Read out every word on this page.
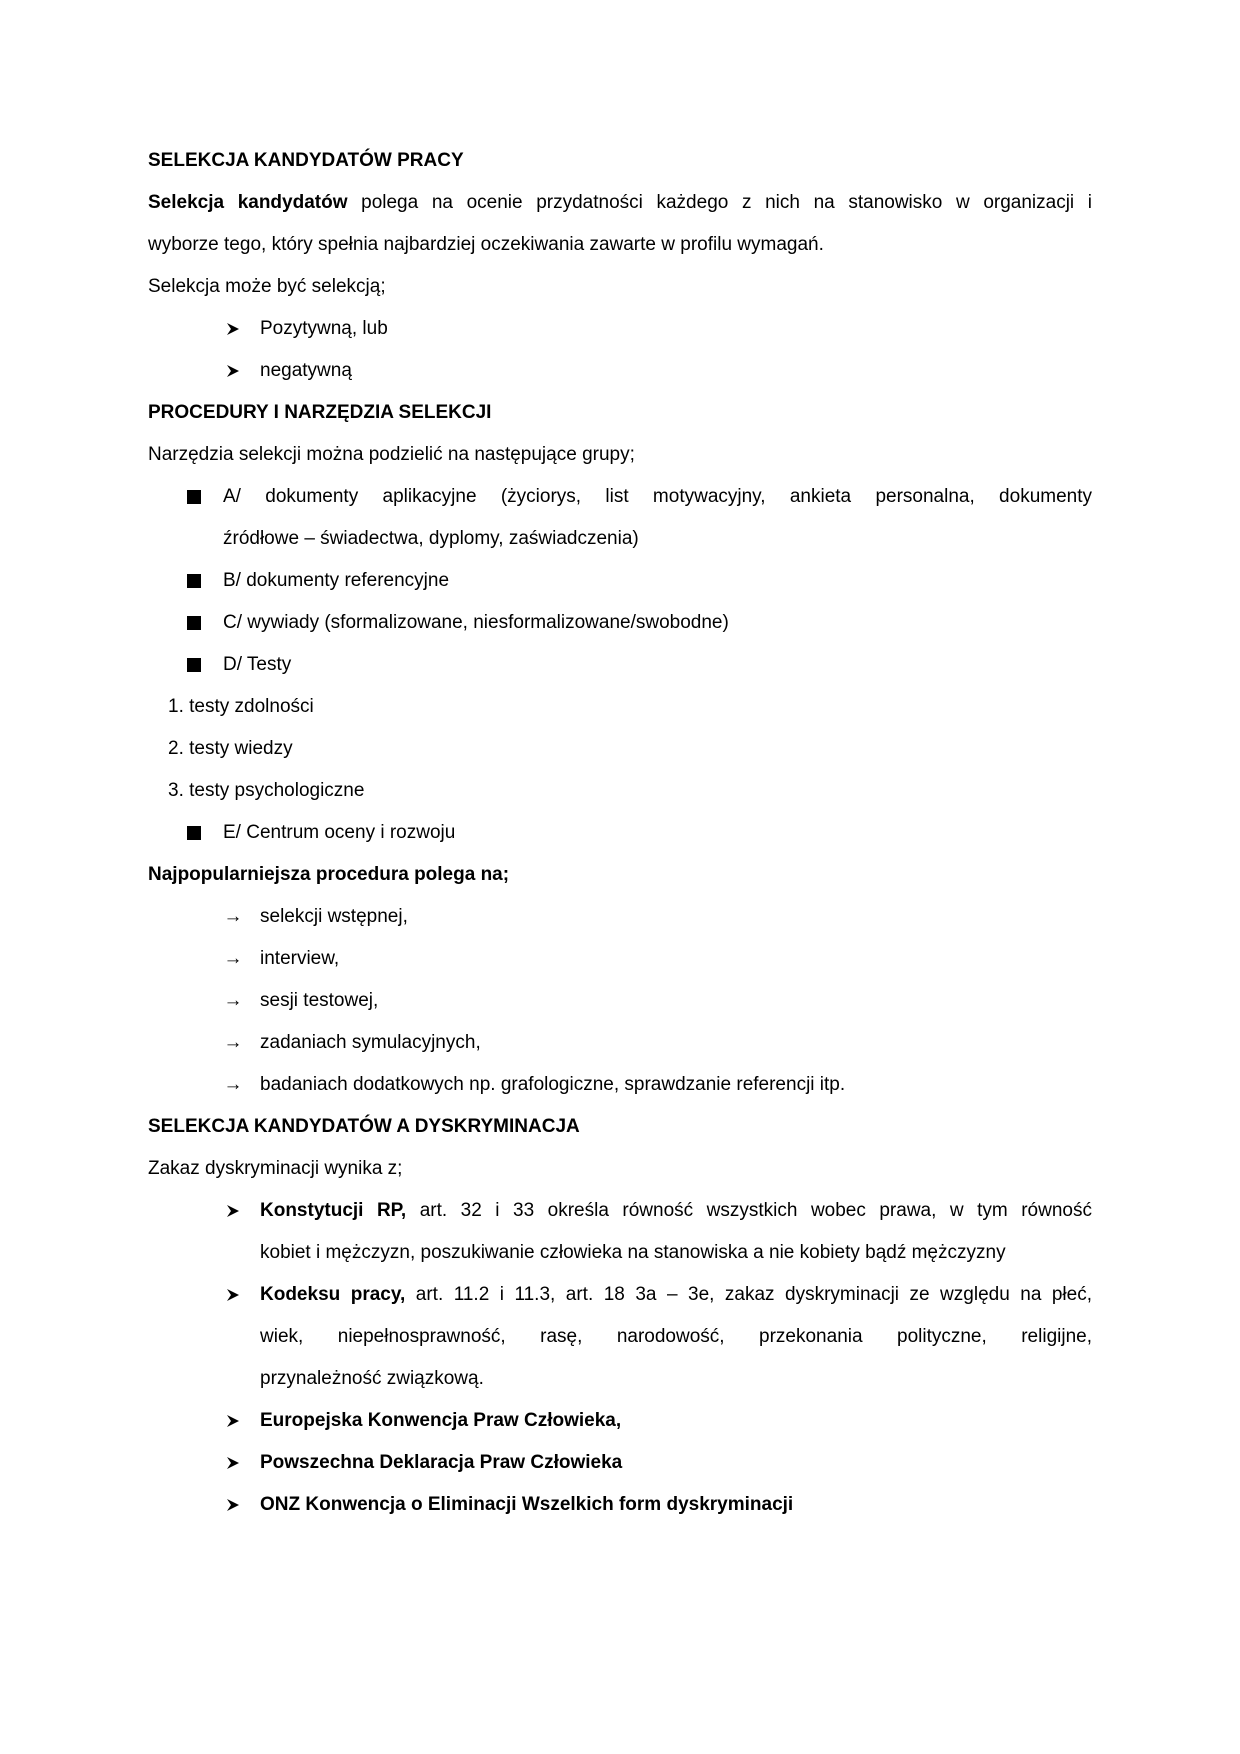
SELEKCJA KANDYDATÓW PRACY
Selekcja kandydatów polega na ocenie przydatności każdego z nich na stanowisko w organizacji i
wyborze tego, który spełnia najbardziej oczekiwania zawarte w profilu wymagań.
Selekcja może być selekcją;
Pozytywną, lub
negatywną
PROCEDURY I NARZĘDZIA SELEKCJI
Narzędzia selekcji można podzielić na następujące grupy;
A/ dokumenty aplikacyjne (życiorys, list motywacyjny, ankieta personalna, dokumenty
źródłowe – świadectwa, dyplomy, zaświadczenia)
B/ dokumenty referencyjne
C/ wywiady (sformalizowane, niesformalizowane/swobodne)
D/ Testy
1. testy zdolności
2. testy wiedzy
3. testy psychologiczne
E/ Centrum oceny i rozwoju
Najpopularniejsza procedura polega na;
→ selekcji wstępnej,
→ interview,
→ sesji testowej,
→ zadaniach symulacyjnych,
→ badaniach dodatkowych np. grafologiczne, sprawdzanie referencji itp.
SELEKCJA KANDYDATÓW A DYSKRYMINACJA
Zakaz dyskryminacji wynika z;
Konstytucji RP, art. 32 i 33 określa równość wszystkich wobec prawa, w tym równość
kobiet i mężczyzn, poszukiwanie człowieka na stanowiska a nie kobiety bądź mężczyzny
Kodeksu pracy, art. 11.2 i 11.3, art. 18 3a – 3e, zakaz dyskryminacji ze względu na płeć,
wiek, niepełnosprawność, rasę, narodowość, przekonania polityczne, religijne,
przynależność związkową.
Europejska Konwencja Praw Człowieka,
Powszechna Deklaracja Praw Człowieka
ONZ Konwencja o Eliminacji Wszelkich form dyskryminacji
